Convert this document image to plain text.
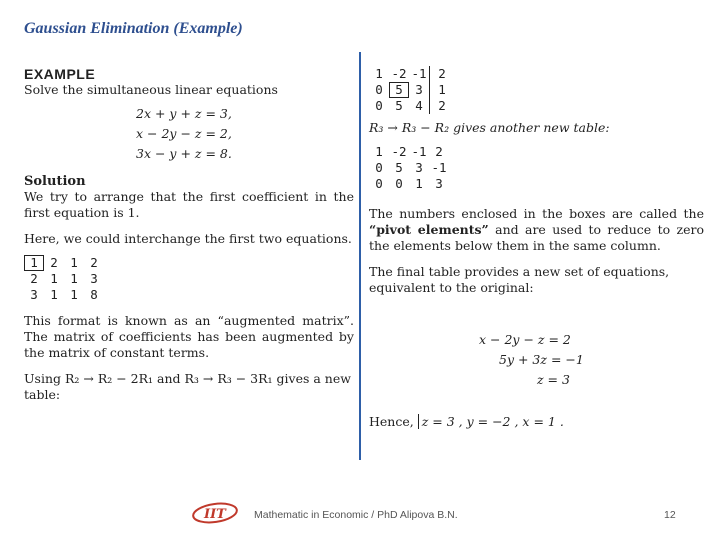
Gaussian Elimination (Example)
EXAMPLE

Solve the simultaneous linear equations

2x + y + z = 3,
x − 2y − z = 2,
3x − y + z = 8.
Solution

We try to arrange that the first coefficient in the first equation is 1.

Here, we could interchange the first two equations.

1 2 1 2
2 1 1 3
3 1 1 8

This format is known as an “augmented matrix”. The matrix of coefficients has been augmented by the matrix of constant terms.

Using R₂ → R₂ − 2R₁ and R₃ → R₃ − 3R₁ gives a new table:

1 -2 -1 2
0 5 3	1
0 5 4	2

R₃ → R₃ − R₂ gives another new table:

1 -2 -1 2
0 5 3 -1
0 0 1 3

The numbers enclosed in the boxes are called the “pivot elements” and are used to reduce to zero the elements below them in the same column.

The final table provides a new set of equations, equivalent to the original:

x − 2y − z = 2
5y + 3z = −1
z = 3
Hence, z = 3 , y = −2 , x = 1 .
IIT	Mathematic in Economic / PhD Alipova B.N.	12
